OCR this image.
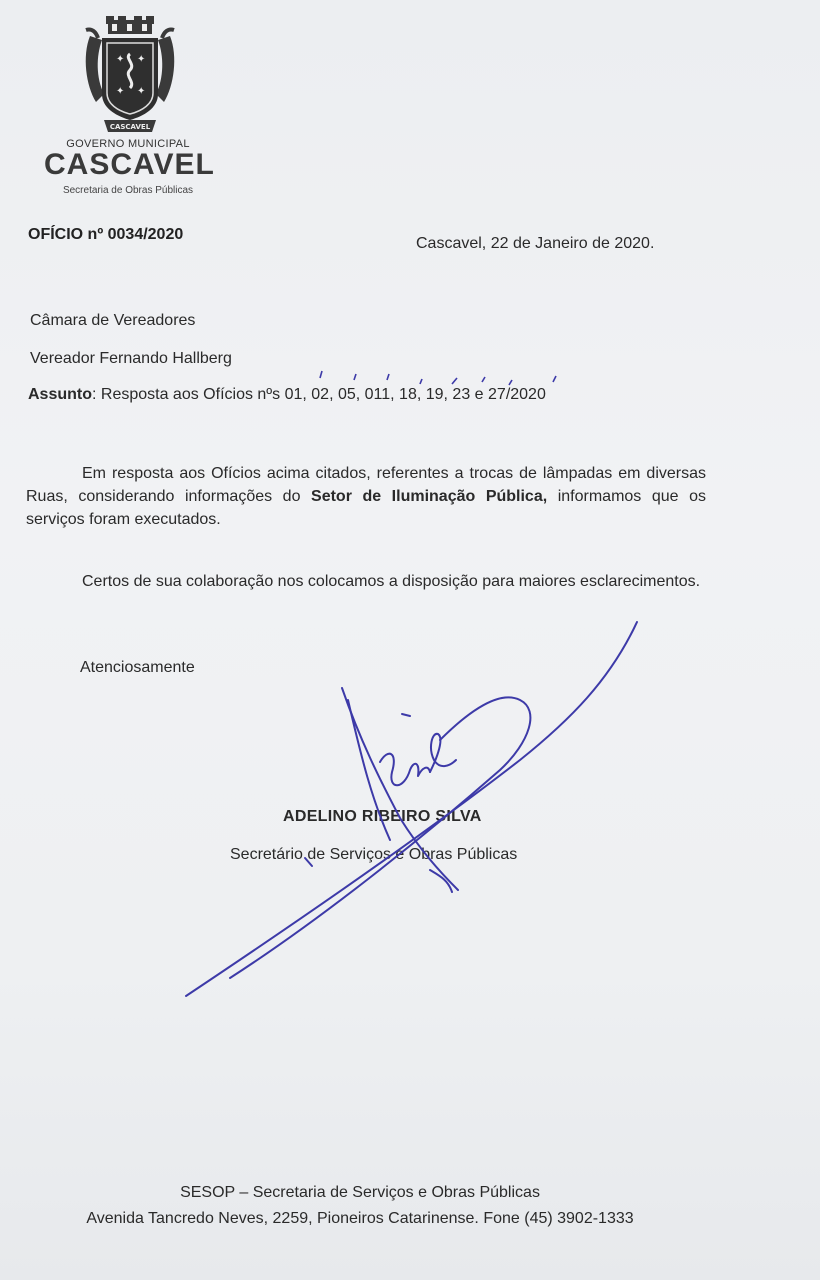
✦ ✦
✦ ✦
CASCAVEL
GOVERNO MUNICIPAL
CASCAVEL
Secretaria de Obras Públicas
OFÍCIO nº 0034/2020
Cascavel, 22 de Janeiro de 2020.
Câmara de Vereadores
Vereador Fernando Hallberg
Assunto: Resposta aos Ofícios nºs 01, 02, 05, 011, 18, 19, 23 e 27/2020
Em resposta aos Ofícios acima citados, referentes a trocas de lâmpadas em diversas Ruas, considerando informações do Setor de Iluminação Pública, informamos que os serviços foram executados.
Certos de sua colaboração nos colocamos a disposição para maiores esclarecimentos.
Atenciosamente
ADELINO RIBEIRO SILVA
Secretário de Serviços e Obras Públicas
SESOP – Secretaria de Serviços e Obras Públicas
Avenida Tancredo Neves, 2259, Pioneiros Catarinense. Fone (45) 3902-1333
